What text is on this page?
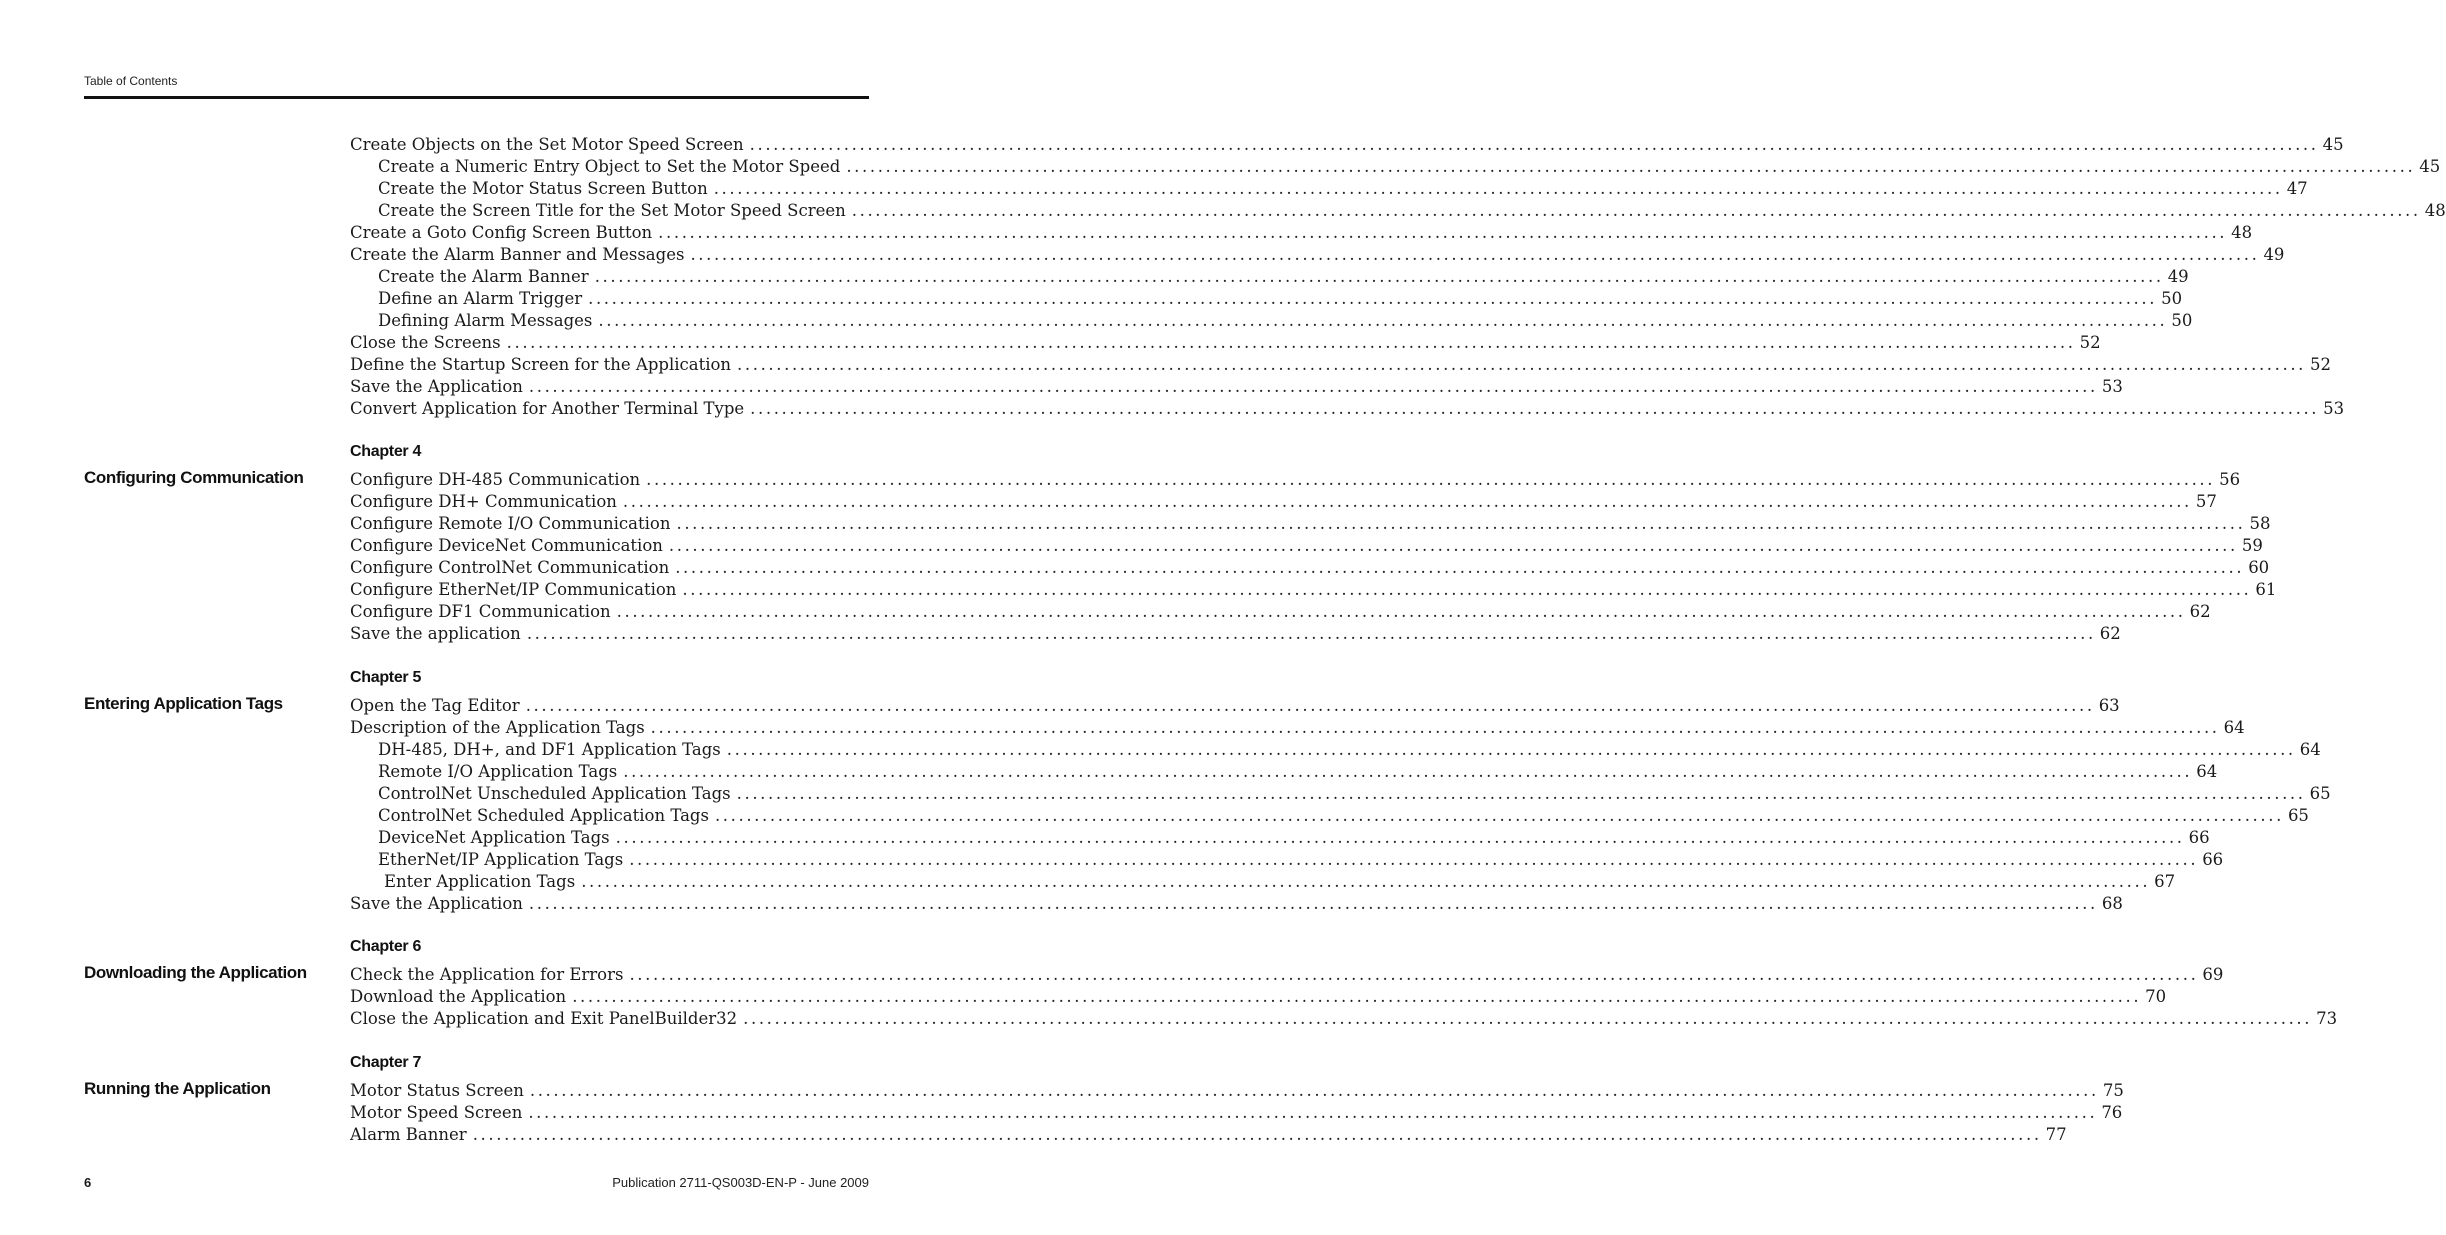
Table of Contents
Create Objects on the Set Motor Speed Screen ........................................................................................................................................................................................................ 45
Create a Numeric Entry Object to Set the Motor Speed ........................................................................................................................................................................................................ 45
Create the Motor Status Screen Button ........................................................................................................................................................................................................ 47
Create the Screen Title for the Set Motor Speed Screen ........................................................................................................................................................................................................ 48
Create a Goto Config Screen Button ........................................................................................................................................................................................................ 48
Create the Alarm Banner and Messages ........................................................................................................................................................................................................ 49
Create the Alarm Banner ........................................................................................................................................................................................................ 49
Define an Alarm Trigger ........................................................................................................................................................................................................ 50
Defining Alarm Messages ........................................................................................................................................................................................................ 50
Close the Screens ........................................................................................................................................................................................................ 52
Define the Startup Screen for the Application ........................................................................................................................................................................................................ 52
Save the Application ........................................................................................................................................................................................................ 53
Convert Application for Another Terminal Type ........................................................................................................................................................................................................ 53
Chapter 4
Configuring Communication	Configure DH-485 Communication ........................................................................................................................................................................................................ 56
Configure DH+ Communication ........................................................................................................................................................................................................ 57
Configure Remote I/O Communication ........................................................................................................................................................................................................ 58
Configure DeviceNet Communication ........................................................................................................................................................................................................ 59
Configure ControlNet Communication ........................................................................................................................................................................................................ 60
Configure EtherNet/IP Communication ........................................................................................................................................................................................................ 61
Configure DF1 Communication ........................................................................................................................................................................................................ 62
Save the application ........................................................................................................................................................................................................ 62
Chapter 5
Entering Application Tags	Open the Tag Editor ........................................................................................................................................................................................................ 63
Description of the Application Tags ........................................................................................................................................................................................................ 64
DH-485, DH+, and DF1 Application Tags ........................................................................................................................................................................................................ 64
Remote I/O Application Tags ........................................................................................................................................................................................................ 64
ControlNet Unscheduled Application Tags ........................................................................................................................................................................................................ 65
ControlNet Scheduled Application Tags ........................................................................................................................................................................................................ 65
DeviceNet Application Tags ........................................................................................................................................................................................................ 66
EtherNet/IP Application Tags ........................................................................................................................................................................................................ 66
Enter Application Tags ........................................................................................................................................................................................................ 67
Save the Application ........................................................................................................................................................................................................ 68
Chapter 6
Downloading the Application	Check the Application for Errors ........................................................................................................................................................................................................ 69
Download the Application ........................................................................................................................................................................................................ 70
Close the Application and Exit PanelBuilder32 ........................................................................................................................................................................................................ 73
Chapter 7
Running the Application	Motor Status Screen ........................................................................................................................................................................................................ 75
Motor Speed Screen ........................................................................................................................................................................................................ 76
Alarm Banner ........................................................................................................................................................................................................ 77
6	Publication 2711-QS003D-EN-P - June 2009
